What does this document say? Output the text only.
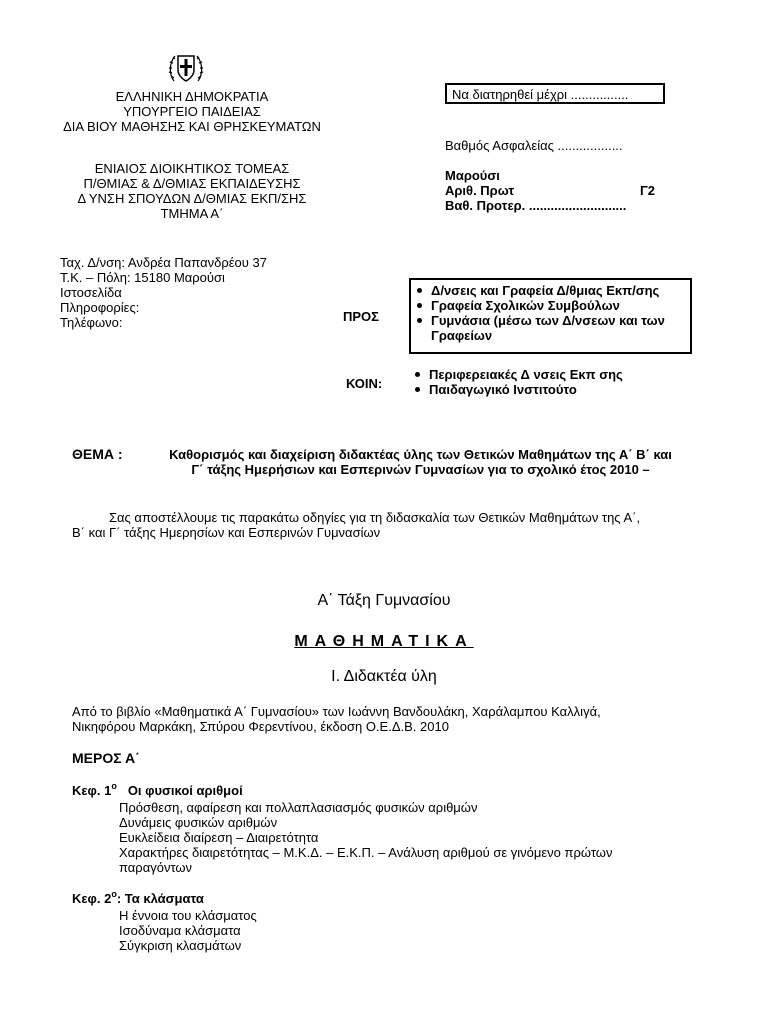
ΕΛΛΗΝΙΚΗ ΔΗΜΟΚΡΑΤΙΑ
ΥΠΟΥΡΓΕΙΟ ΠΑΙΔΕΙΑΣ
ΔΙΑ ΒΙΟΥ ΜΑΘΗΣΗΣ ΚΑΙ ΘΡΗΣΚΕΥΜΑΤΩΝ
ΕΝΙΑΙΟΣ ΔΙΟΙΚΗΤΙΚΟΣ ΤΟΜΕΑΣ
Π/ΘΜΙΑΣ & Δ/ΘΜΙΑΣ ΕΚΠΑΙΔΕΥΣΗΣ
Δ ΥΝΣΗ ΣΠΟΥΔΩΝ Δ/ΘΜΙΑΣ ΕΚΠ/ΣΗΣ
ΤΜΗΜΑ Α΄
Να διατηρηθεί μέχρι ................
Βαθμός Ασφαλείας ..................
Μαρούσι
Αριθ. Πρωτ	Γ2
Βαθ. Προτερ. ...........................
Ταχ. Δ/νση: Ανδρέα Παπανδρέου 37
Τ.Κ. – Πόλη: 15180 Μαρούσι
Ιστοσελίδα
Πληροφορίες:
Τηλέφωνο:	ΠΡΟΣ
Δ/νσεις και Γραφεία Δ/θμιας Εκπ/σης
Γραφεία Σχολικών Συμβούλων
Γυμνάσια (μέσω των Δ/νσεων και των Γραφείων
ΚΟΙΝ:
Περιφερειακές Δ νσεις Εκπ σης
Παιδαγωγικό Ινστιτούτο
ΘΕΜΑ :	Καθορισμός και διαχείριση διδακτέας ύλης των Θετικών Μαθημάτων της Α΄ Β΄ και
Γ΄ τάξης Ημερήσιων και Εσπερινών Γυμνασίων για το σχολικό έτος 2010 –
Σας αποστέλλουμε τις παρακάτω οδηγίες για τη διδασκαλία των Θετικών Μαθημάτων της Α΄,
Β΄ και Γ΄ τάξης Ημερησίων και Εσπερινών Γυμνασίων
Α΄ Τάξη Γυμνασίου
ΜΑΘΗΜΑΤΙΚΑ
Ι. Διδακτέα ύλη
Από το βιβλίο «Μαθηματικά Α΄ Γυμνασίου» των Ιωάννη Βανδουλάκη, Χαράλαμπου Καλλιγά,
Νικηφόρου Μαρκάκη, Σπύρου Φερεντίνου, έκδοση Ο.Ε.Δ.Β. 2010
ΜΕΡΟΣ Α΄
Κεφ. $1^o$ Οι φυσικοί αριθμοί
Πρόσθεση, αφαίρεση και πολλαπλασιασμός φυσικών αριθμών
Δυνάμεις φυσικών αριθμών
Ευκλείδεια διαίρεση – Διαιρετότητα
Χαρακτήρες διαιρετότητας – Μ.Κ.Δ. – Ε.Κ.Π. – Ανάλυση αριθμού σε γινόμενο πρώτων
παραγόντων
Κεφ. $2^o$: Τα κλάσματα
Η έννοια του κλάσματος
Ισοδύναμα κλάσματα
Σύγκριση κλασμάτων
